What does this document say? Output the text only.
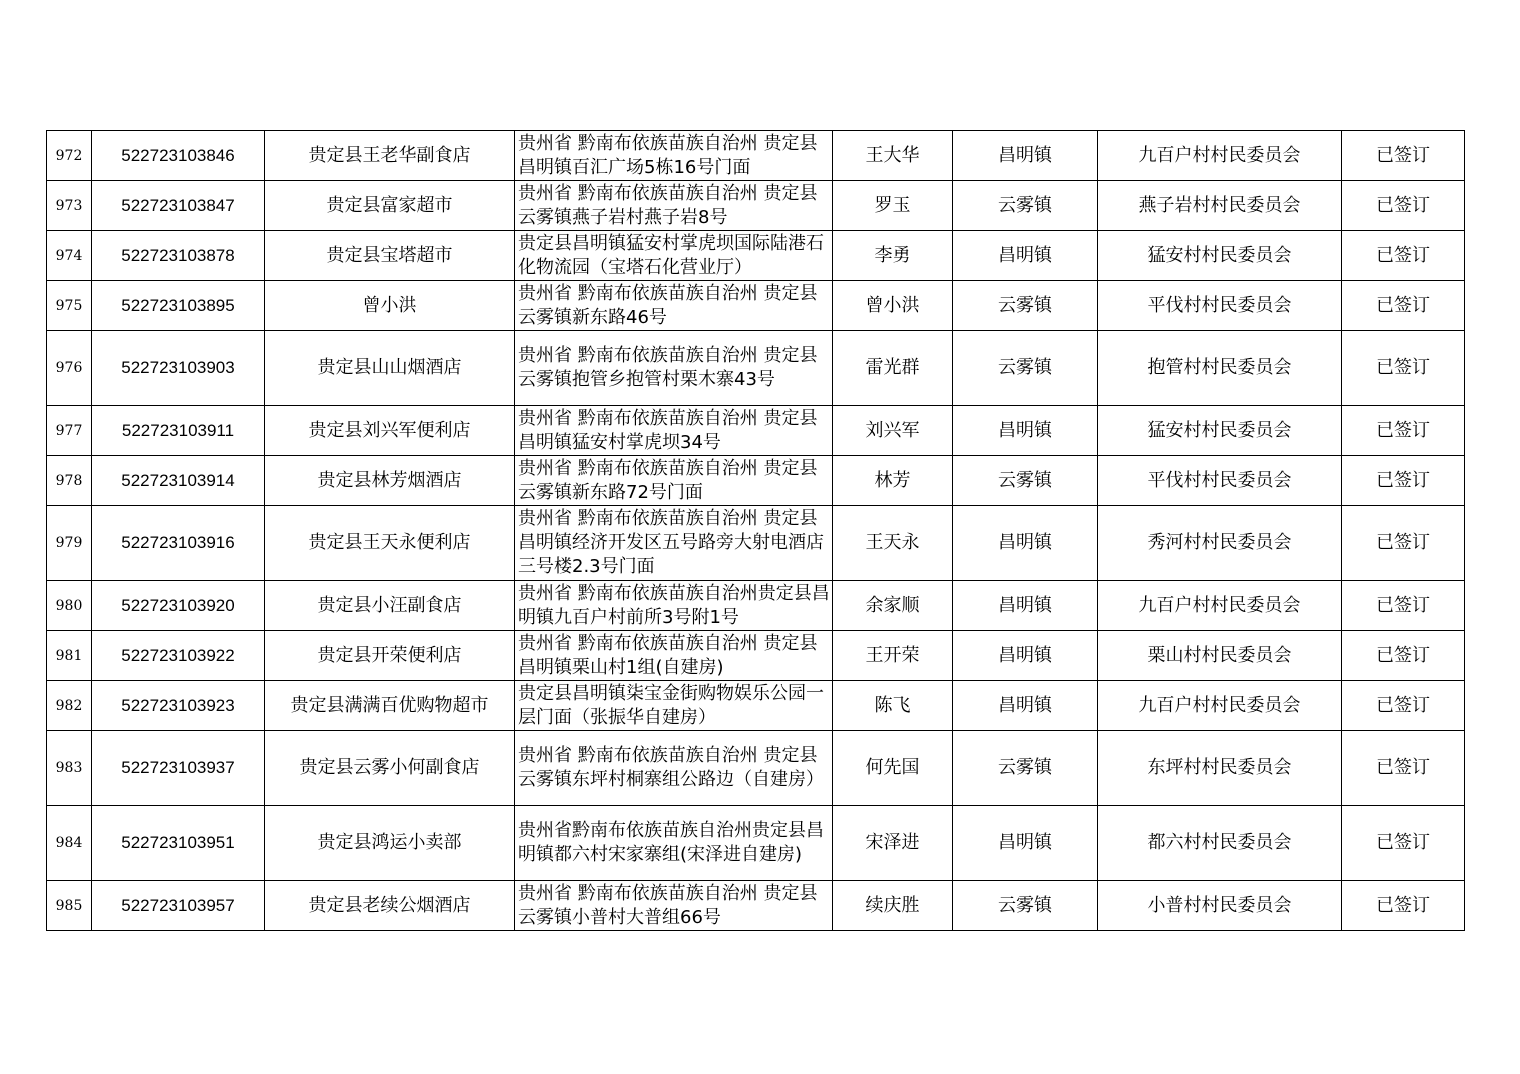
972	522723103846	贵定县王老华副食店	贵州省 黔南布依族苗族自治州 贵定县昌明镇百汇广场5栋16号门面	王大华	昌明镇	九百户村村民委员会	已签订
973	522723103847	贵定县富家超市	贵州省 黔南布依族苗族自治州 贵定县云雾镇燕子岩村燕子岩8号	罗玉	云雾镇	燕子岩村村民委员会	已签订
974	522723103878	贵定县宝塔超市	贵定县昌明镇猛安村掌虎坝国际陆港石化物流园（宝塔石化营业厅）	李勇	昌明镇	猛安村村民委员会	已签订
975	522723103895	曾小洪	贵州省 黔南布依族苗族自治州 贵定县云雾镇新东路46号	曾小洪	云雾镇	平伐村村民委员会	已签订
976	522723103903	贵定县山山烟酒店	贵州省 黔南布依族苗族自治州 贵定县云雾镇抱管乡抱管村栗木寨43号	雷光群	云雾镇	抱管村村民委员会	已签订
977	522723103911	贵定县刘兴军便利店	贵州省 黔南布依族苗族自治州 贵定县昌明镇猛安村掌虎坝34号	刘兴军	昌明镇	猛安村村民委员会	已签订
978	522723103914	贵定县林芳烟酒店	贵州省 黔南布依族苗族自治州 贵定县云雾镇新东路72号门面	林芳	云雾镇	平伐村村民委员会	已签订
979	522723103916	贵定县王天永便利店	贵州省 黔南布依族苗族自治州 贵定县昌明镇经济开发区五号路旁大射电酒店三号楼2.3号门面	王天永	昌明镇	秀河村村民委员会	已签订
980	522723103920	贵定县小汪副食店	贵州省 黔南布依族苗族自治州贵定县昌明镇九百户村前所3号附1号	余家顺	昌明镇	九百户村村民委员会	已签订
981	522723103922	贵定县开荣便利店	贵州省 黔南布依族苗族自治州 贵定县昌明镇栗山村1组(自建房)	王开荣	昌明镇	栗山村村民委员会	已签订
982	522723103923	贵定县满满百优购物超市	贵定县昌明镇柒宝金街购物娱乐公园一层门面（张振华自建房）	陈飞	昌明镇	九百户村村民委员会	已签订
983	522723103937	贵定县云雾小何副食店	贵州省 黔南布依族苗族自治州 贵定县云雾镇东坪村桐寨组公路边（自建房）	何先国	云雾镇	东坪村村民委员会	已签订
984	522723103951	贵定县鸿运小卖部	贵州省黔南布依族苗族自治州贵定县昌明镇都六村宋家寨组(宋泽进自建房)	宋泽进	昌明镇	都六村村民委员会	已签订
985	522723103957	贵定县老续公烟酒店	贵州省 黔南布依族苗族自治州 贵定县云雾镇小普村大普组66号	续庆胜	云雾镇	小普村村民委员会	已签订
